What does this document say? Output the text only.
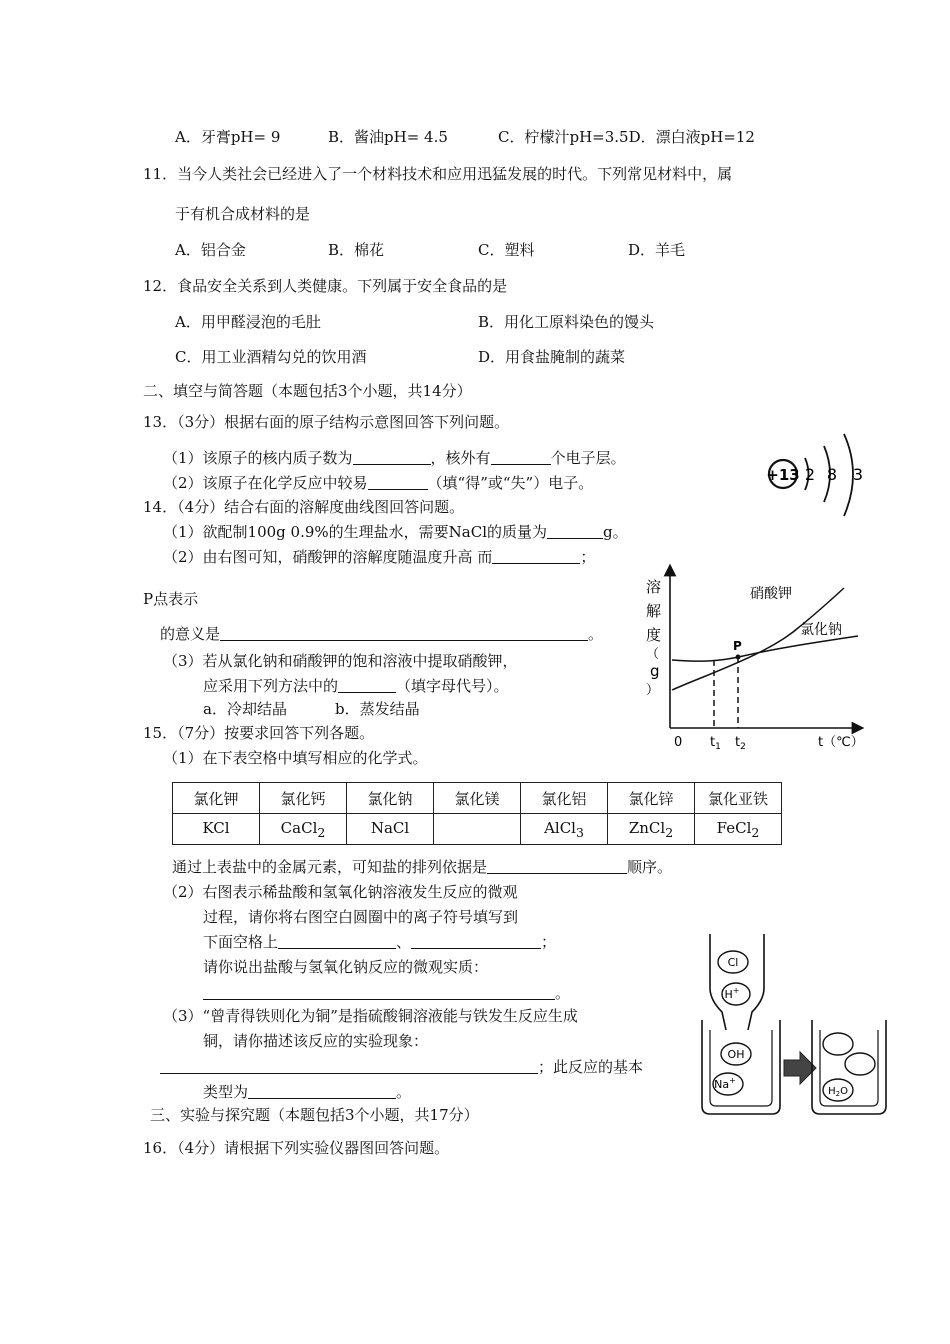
A．牙膏pH= 9	B．酱油pH= 4.5	C．柠檬汁pH=3.5D．漂白液pH=12
11．当今人类社会已经进入了一个材料技术和应用迅猛发展的时代。下列常见材料中，属
于有机合成材料的是
A．铝合金	B．棉花	C．塑料	D．羊毛
12．食品安全关系到人类健康。下列属于安全食品的是
A．用甲醛浸泡的毛肚	B．用化工原料染色的馒头
C．用工业酒精勾兑的饮用酒	D．用食盐腌制的蔬菜
二、填空与简答题（本题包括3个小题，共14分）
13．（3分）根据右面的原子结构示意图回答下列问题。
（1）该原子的核内质子数为	，核外有	个电子层。
（2）该原子在化学反应中较易	（填“得”或“失”）电子。	+13 2 8 3
14．（4分）结合右面的溶解度曲线图回答问题。
（1）欲配制100g 0.9%的生理盐水，需要NaCl的质量为	g。
（2）由右图可知，硝酸钾的溶解度随温度升高 而	；
P点表示
的意义是	。
（3）若从氯化钠和硝酸钾的饱和溶液中提取硝酸钾，
应采用下列方法中的	（填字母代号）。
a．冷却结晶	b．蒸发结晶
溶
解
度
（
g
）
硝酸钾
氯化钠
P
0 $t_1$ $t_2$	t（℃）
15．（7分）按要求回答下列各题。
（1）在下表空格中填写相应的化学式。
氯化钾	氯化钙	氯化钠	氯化镁	氯化铝	氯化锌	氯化亚铁
KCl	CaCl$_2$	NaCl		AlCl$_3$	ZnCl$_2$	FeCl$_2$
通过上表盐中的金属元素，可知盐的排列依据是	顺序。
（2）右图表示稀盐酸和氢氧化钠溶液发生反应的微观
过程，请你将右图空白圆圈中的离子符号填写到
下面空格上	、	；
请你说出盐酸与氢氧化钠反应的微观实质：
。
（3）“曾青得铁则化为铜”是指硫酸铜溶液能与铁发生反应生成
铜，请你描述该反应的实验现象：
；此反应的基本
类型为	。
Cl
H+
OH
Na+
$H_2O$
三、实验与探究题（本题包括3个小题，共17分）
16．（4分）请根据下列实验仪器图回答问题。
